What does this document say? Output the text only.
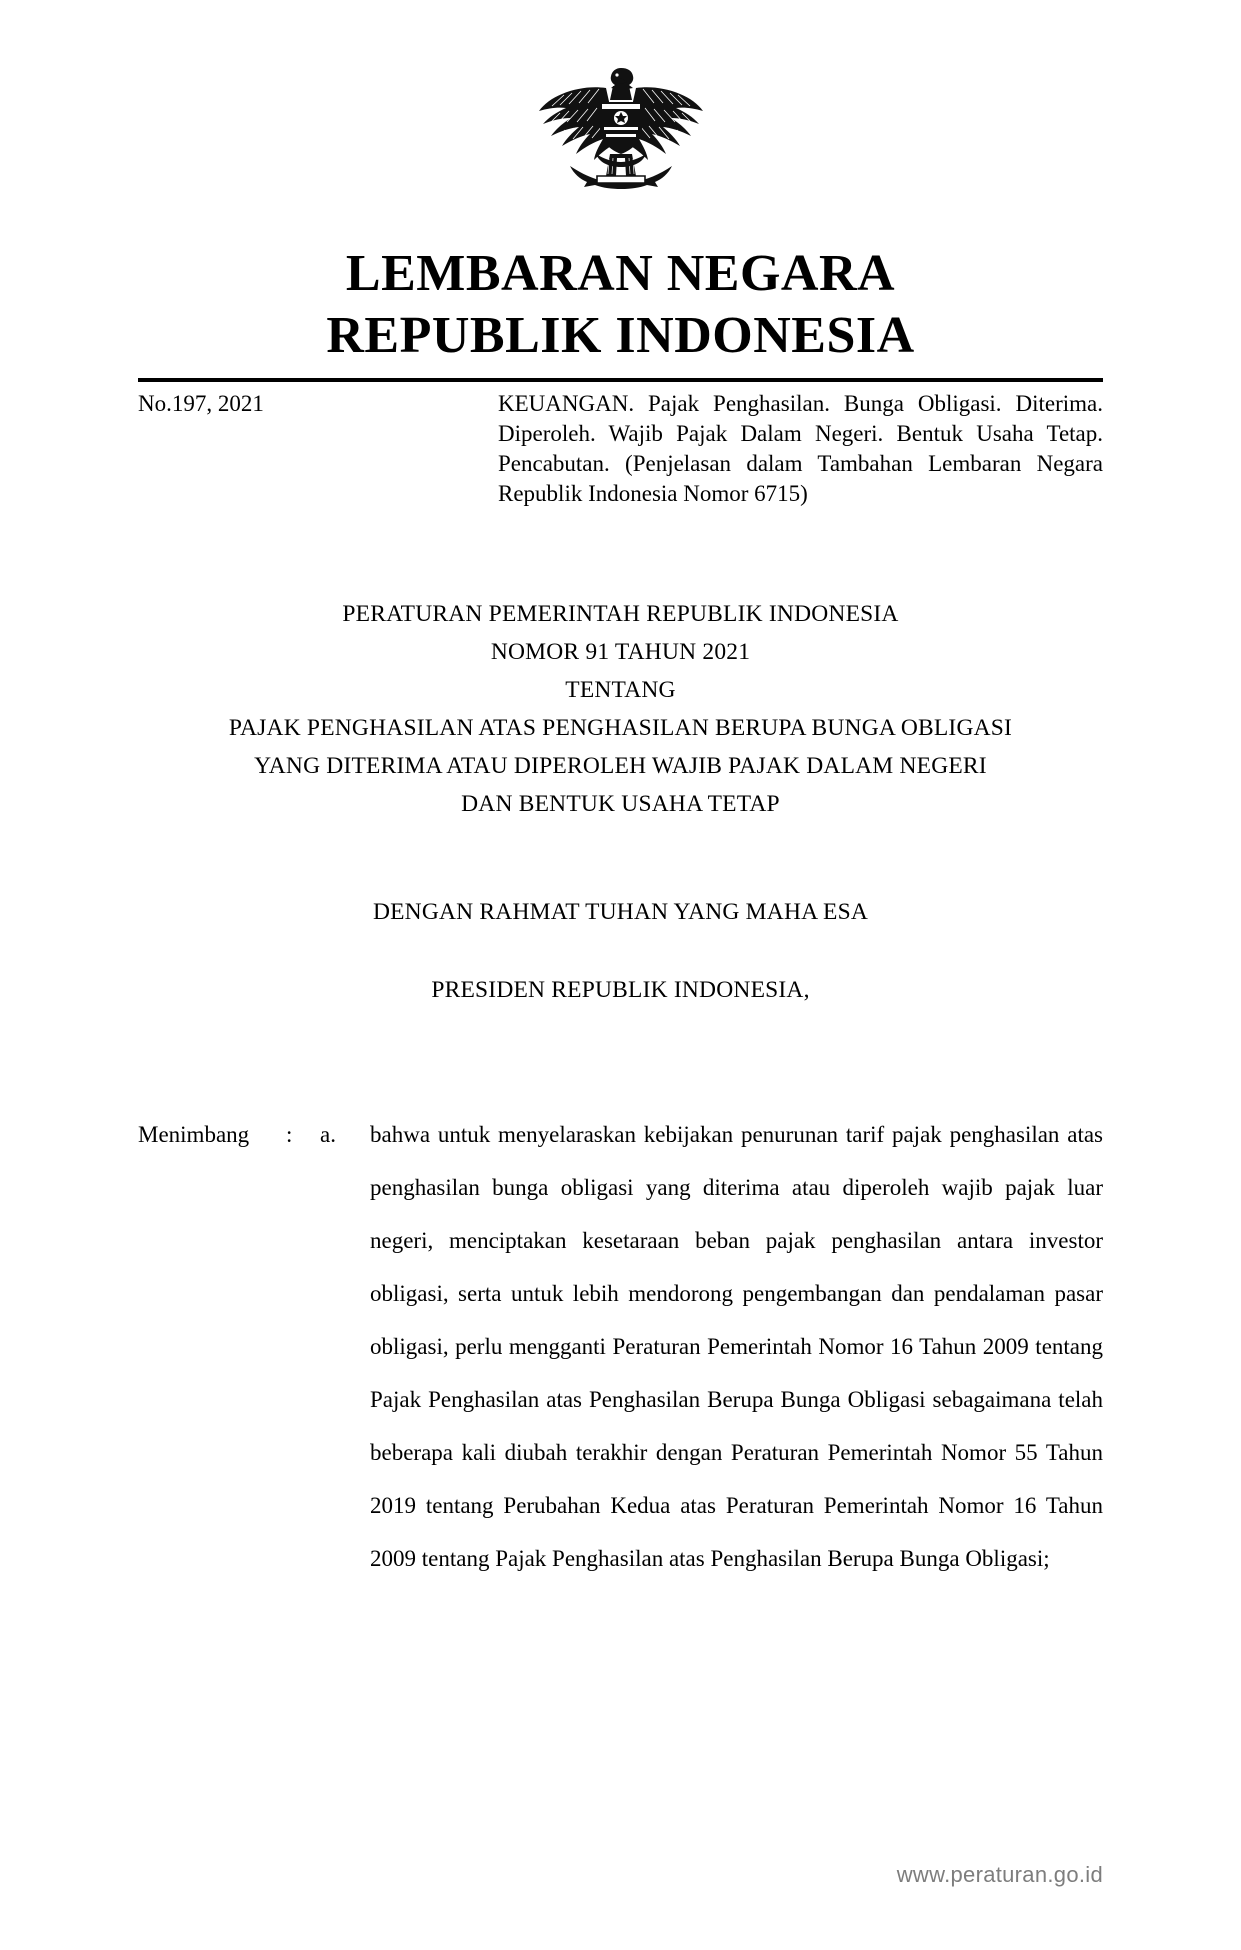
LEMBARAN NEGARA
REPUBLIK INDONESIA
No.197, 2021	KEUANGAN. Pajak Penghasilan. Bunga Obligasi. Diterima. Diperoleh. Wajib Pajak Dalam Negeri. Bentuk Usaha Tetap. Pencabutan. (Penjelasan dalam Tambahan Lembaran Negara Republik Indonesia Nomor 6715)
PERATURAN PEMERINTAH REPUBLIK INDONESIA
NOMOR 91 TAHUN 2021
TENTANG
PAJAK PENGHASILAN ATAS PENGHASILAN BERUPA BUNGA OBLIGASI
YANG DITERIMA ATAU DIPEROLEH WAJIB PAJAK DALAM NEGERI
DAN BENTUK USAHA TETAP
DENGAN RAHMAT TUHAN YANG MAHA ESA
PRESIDEN REPUBLIK INDONESIA,
Menimbang	:	a.	bahwa untuk menyelaraskan kebijakan penurunan tarif pajak penghasilan atas penghasilan bunga obligasi yang diterima atau diperoleh wajib pajak luar negeri, menciptakan kesetaraan beban pajak penghasilan antara investor obligasi, serta untuk lebih mendorong pengembangan dan pendalaman pasar obligasi, perlu mengganti Peraturan Pemerintah Nomor 16 Tahun 2009 tentang Pajak Penghasilan atas Penghasilan Berupa Bunga Obligasi sebagaimana telah beberapa kali diubah terakhir dengan Peraturan Pemerintah Nomor 55 Tahun 2019 tentang Perubahan Kedua atas Peraturan Pemerintah Nomor 16 Tahun 2009 tentang Pajak Penghasilan atas Penghasilan Berupa Bunga Obligasi;
www.peraturan.go.id
